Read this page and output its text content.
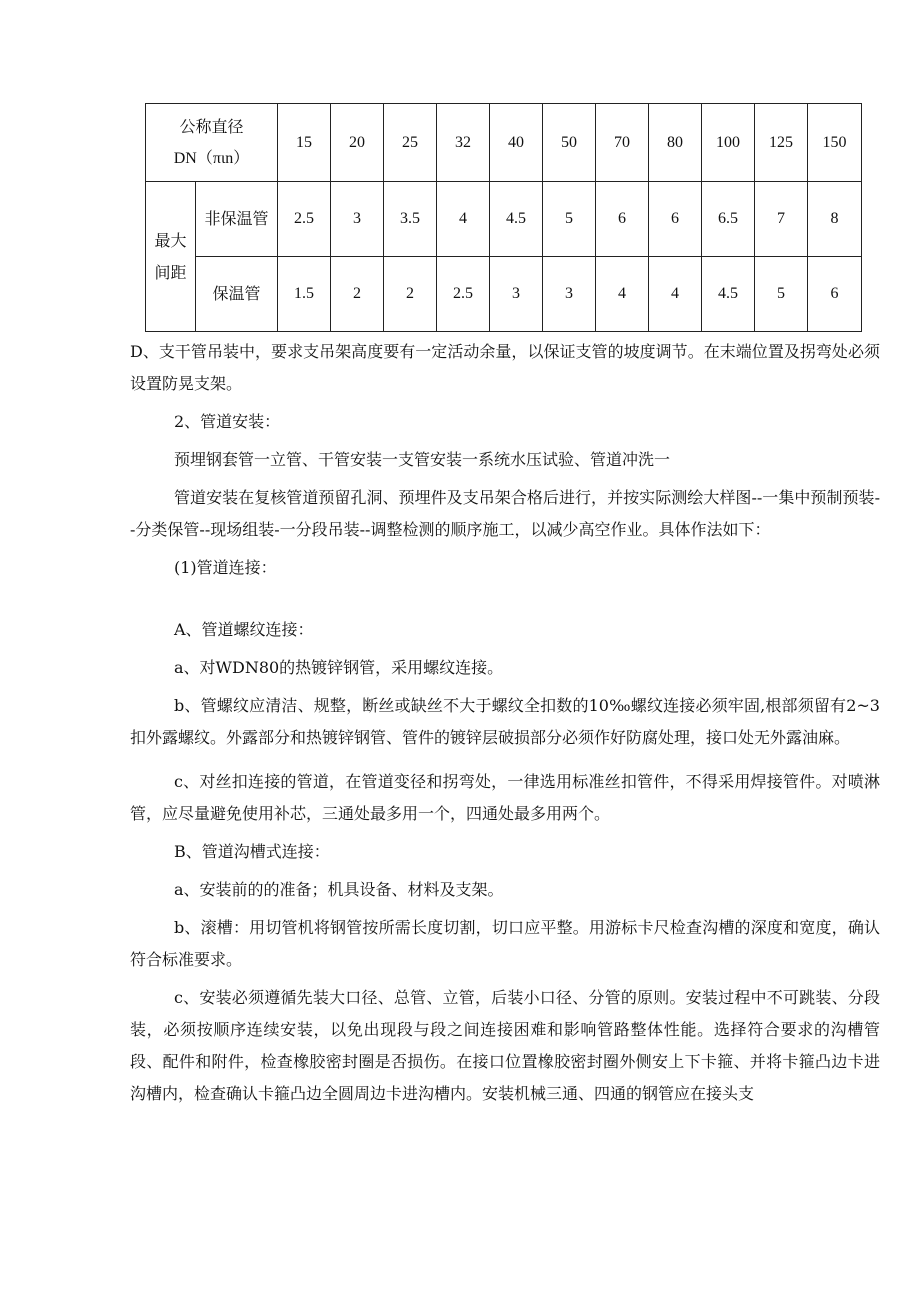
公称直径
DN（πιn）		15	20	25	32	40	50	70	80	100	125	150

最大
间距	非保温管	2.5	3	3.5	4	4.5	5	6	6	6.5	7	8
	保温管	1.5	2	2	2.5	3	3	4	4	4.5	5	6

D、支干管吊装中，要求支吊架高度要有一定活动余量，以保证支管的坡度调节。在末端位置及拐弯处必须设置防晃支架。

2、管道安装：

预埋钢套管一立管、干管安装一支管安装一系统水压试验、管道冲洗一

管道安装在复核管道预留孔洞、预埋件及支吊架合格后进行，并按实际测绘大样图--一集中预制预装--分类保管--现场组装-一分段吊装--调整检测的顺序施工，以减少高空作业。具体作法如下：

(1)管道连接：

A、管道螺纹连接：

a、对WDN80的热镀锌钢管，采用螺纹连接。

b、管螺纹应清洁、规整，断丝或缺丝不大于螺纹全扣数的10‰螺纹连接必须牢固,根部须留有2~3扣外露螺纹。外露部分和热镀锌钢管、管件的镀锌层破损部分必须作好防腐处理，接口处无外露油麻。

c、对丝扣连接的管道，在管道变径和拐弯处，一律选用标准丝扣管件，不得采用焊接管件。对喷淋管，应尽量避免使用补芯，三通处最多用一个，四通处最多用两个。

B、管道沟槽式连接：

a、安装前的的准备；机具设备、材料及支架。

b、滚槽：用切管机将钢管按所需长度切割，切口应平整。用游标卡尺检查沟槽的深度和宽度，确认符合标准要求。

c、安装必须遵循先装大口径、总管、立管，后装小口径、分管的原则。安装过程中不可跳装、分段装，必须按顺序连续安装，以免出现段与段之间连接困难和影响管路整体性能。选择符合要求的沟槽管段、配件和附件，检查橡胶密封圈是否损伤。在接口位置橡胶密封圈外侧安上下卡箍、并将卡箍凸边卡进沟槽内，检查确认卡箍凸边全圆周边卡进沟槽内。安装机械三通、四通的钢管应在接头支
